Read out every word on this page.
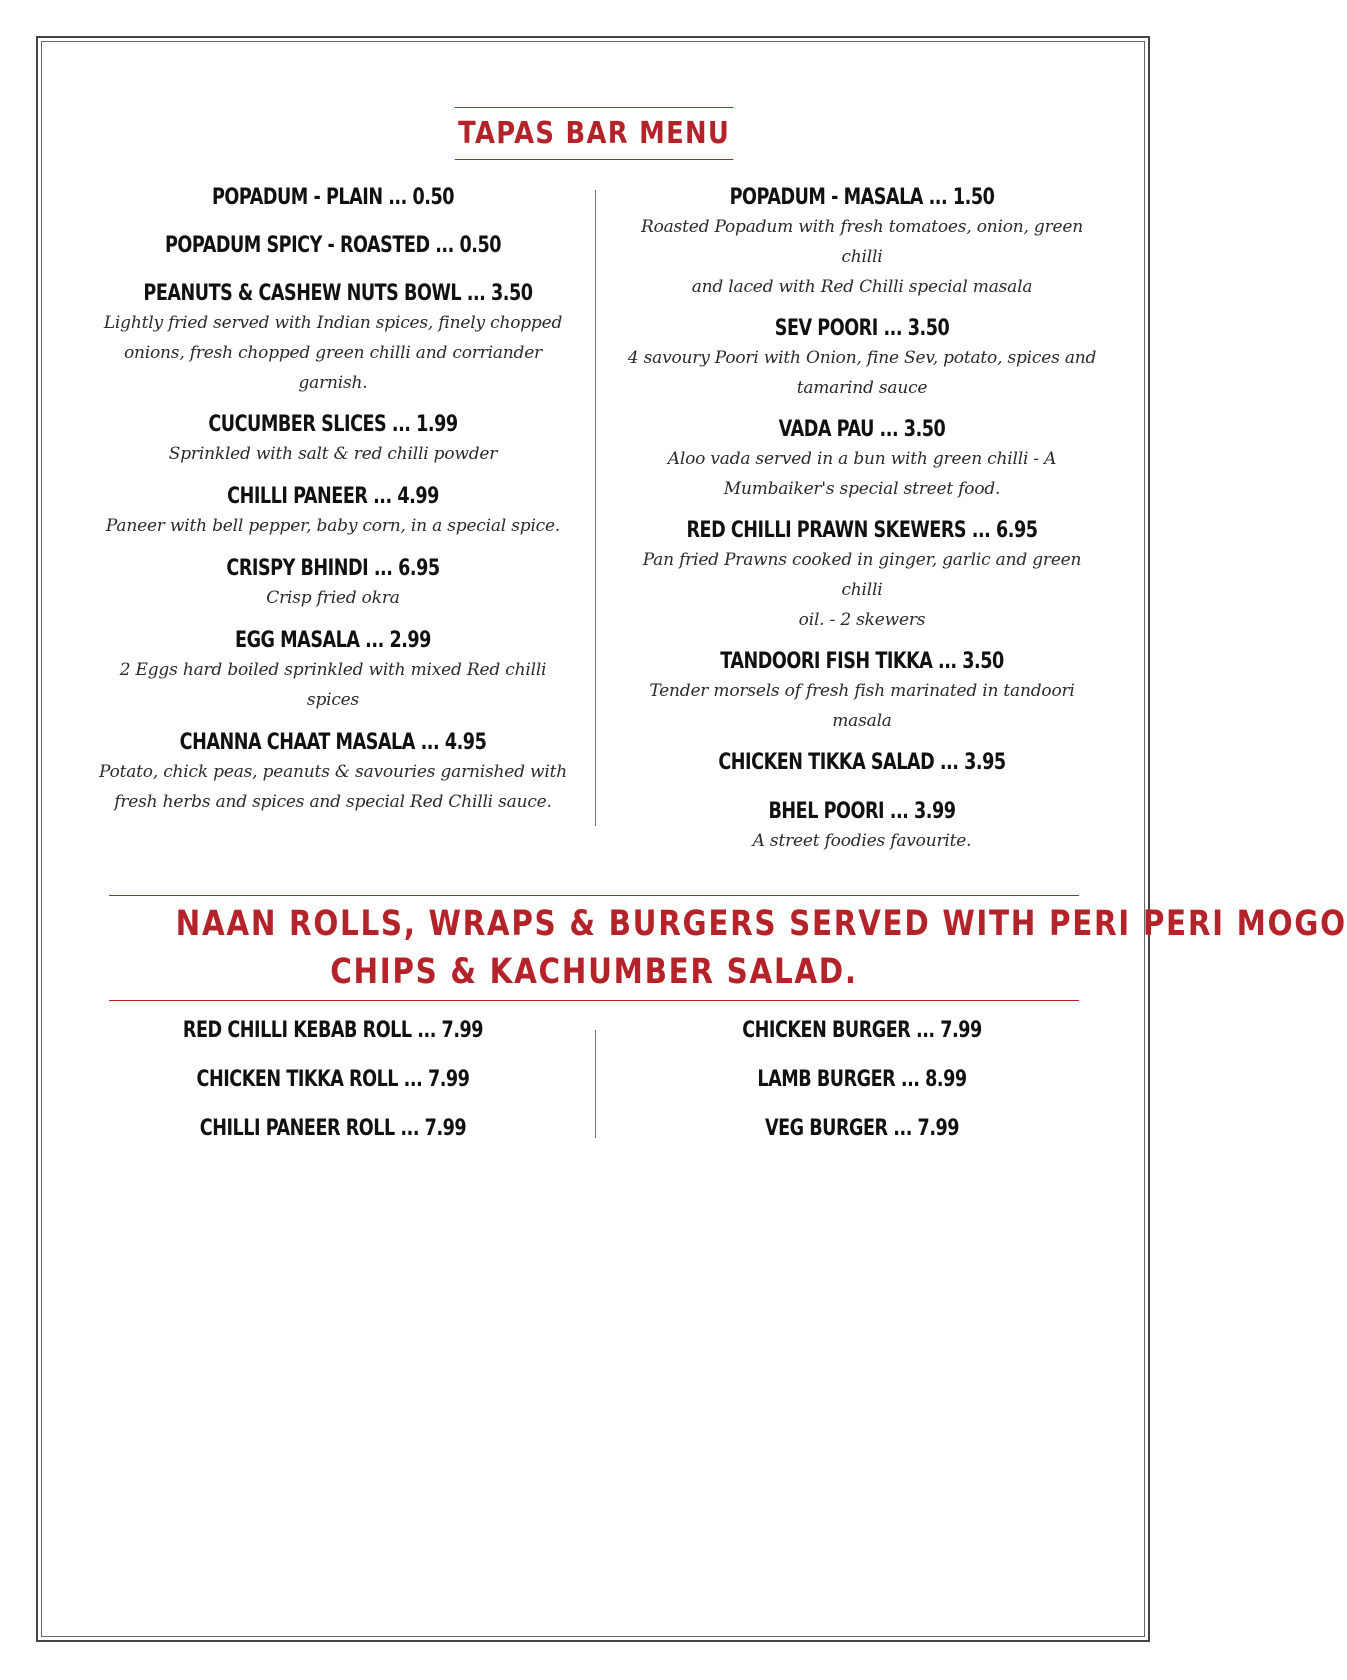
TAPAS BAR MENU
POPADUM - PLAIN ... 0.50
POPADUM SPICY - ROASTED ... 0.50
PEANUTS & CASHEW NUTS BOWL ... 3.50
Lightly fried served with Indian spices, finely chopped
onions, fresh chopped green chilli and corriander
garnish.
CUCUMBER SLICES ... 1.99
Sprinkled with salt & red chilli powder
CHILLI PANEER ... 4.99
Paneer with bell pepper, baby corn, in a special spice.
CRISPY BHINDI ... 6.95
Crisp fried okra
EGG MASALA ... 2.99
2 Eggs hard boiled sprinkled with mixed Red chilli spices
CHANNA CHAAT MASALA ... 4.95
Potato, chick peas, peanuts & savouries garnished with
fresh herbs and spices and special Red Chilli sauce.
POPADUM - MASALA ... 1.50
Roasted Popadum with fresh tomatoes, onion, green chilli
and laced with Red Chilli special masala
SEV POORI ... 3.50
4 savoury Poori with Onion, fine Sev, potato, spices and
tamarind sauce
VADA PAU ... 3.50
Aloo vada served in a bun with green chilli - A
Mumbaiker's special street food.
RED CHILLI PRAWN SKEWERS ... 6.95
Pan fried Prawns cooked in ginger, garlic and green chilli
oil. - 2 skewers
TANDOORI FISH TIKKA ... 3.50
Tender morsels of fresh fish marinated in tandoori
masala
CHICKEN TIKKA SALAD ... 3.95
BHEL POORI ... 3.99
A street foodies favourite.
NAAN ROLLS, WRAPS & BURGERS SERVED WITH PERI PERI MOGO
CHIPS & KACHUMBER SALAD.
RED CHILLI KEBAB ROLL ... 7.99
CHICKEN TIKKA ROLL ... 7.99
CHILLI PANEER ROLL ... 7.99
CHICKEN BURGER ... 7.99
LAMB BURGER ... 8.99
VEG BURGER ... 7.99
